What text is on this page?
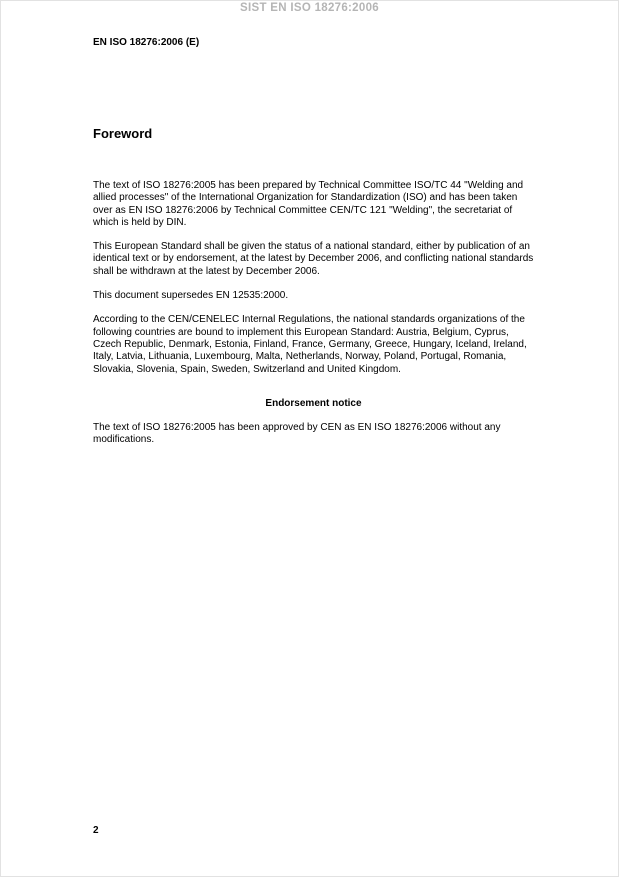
SIST EN ISO 18276:2006
EN ISO 18276:2006 (E)
Foreword

The text of ISO 18276:2005 has been prepared by Technical Committee ISO/TC 44 "Welding and allied processes" of the International Organization for Standardization (ISO) and has been taken over as EN ISO 18276:2006 by Technical Committee CEN/TC 121 "Welding", the secretariat of which is held by DIN.

This European Standard shall be given the status of a national standard, either by publication of an identical text or by endorsement, at the latest by December 2006, and conflicting national standards shall be withdrawn at the latest by December 2006.

This document supersedes EN 12535:2000.

According to the CEN/CENELEC Internal Regulations, the national standards organizations of the following countries are bound to implement this European Standard: Austria, Belgium, Cyprus, Czech Republic, Denmark, Estonia, Finland, France, Germany, Greece, Hungary, Iceland, Ireland, Italy, Latvia, Lithuania, Luxembourg, Malta, Netherlands, Norway, Poland, Portugal, Romania, Slovakia, Slovenia, Spain, Sweden, Switzerland and United Kingdom.

Endorsement notice

The text of ISO 18276:2005 has been approved by CEN as EN ISO 18276:2006 without any modifications.

2
